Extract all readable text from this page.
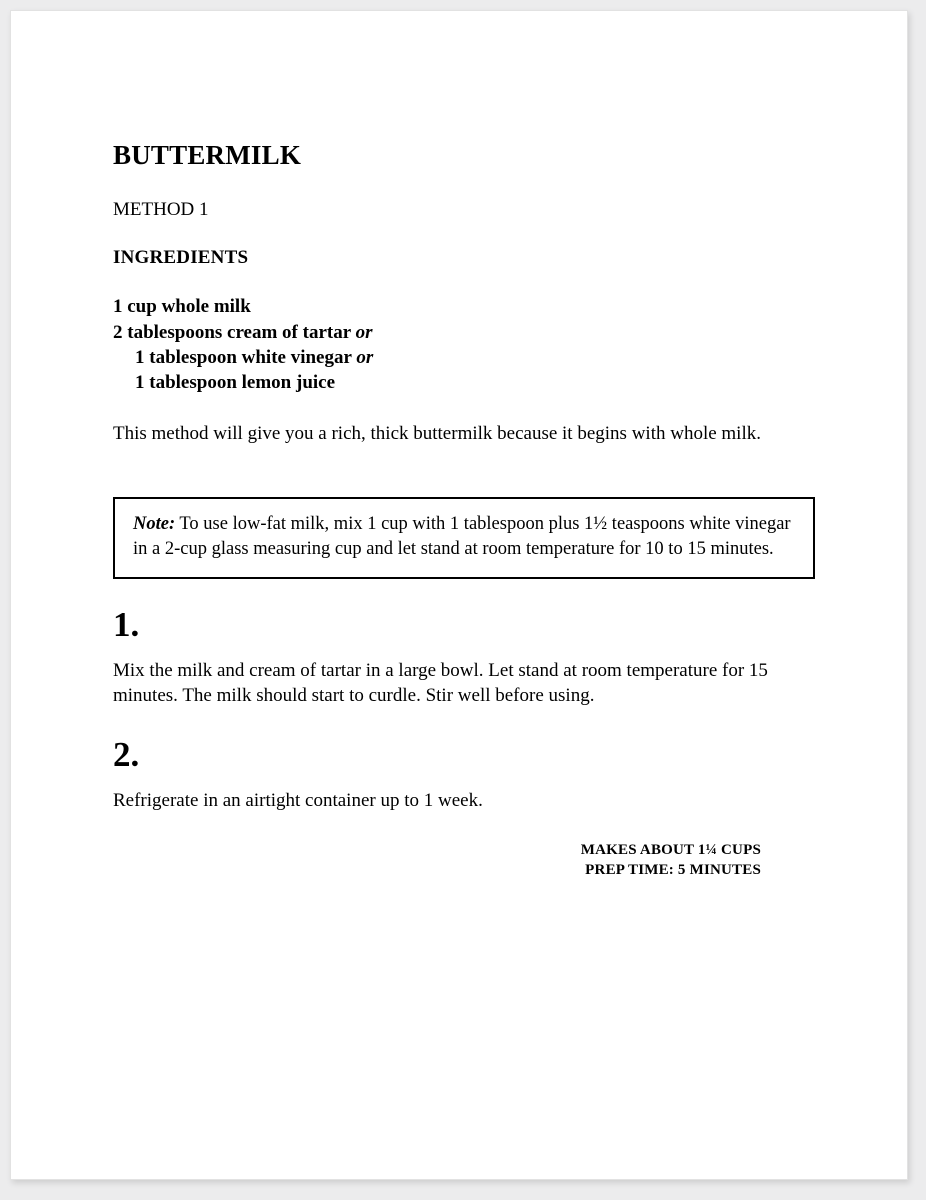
BUTTERMILK

METHOD 1

INGREDIENTS
1 cup whole milk
2 tablespoons cream of tartar or
1 tablespoon white vinegar or
1 tablespoon lemon juice

This method will give you a rich, thick buttermilk because it begins with whole milk.

Note: To use low-fat milk, mix 1 cup with 1 tablespoon plus 1½ teaspoons white vinegar in a 2-cup glass measuring cup and let stand at room temperature for 10 to 15 minutes.

1.

Mix the milk and cream of tartar in a large bowl. Let stand at room temperature for 15 minutes. The milk should start to curdle. Stir well before using.

2.

Refrigerate in an airtight container up to 1 week.

MAKES ABOUT 1¼ CUPS
PREP TIME: 5 MINUTES
